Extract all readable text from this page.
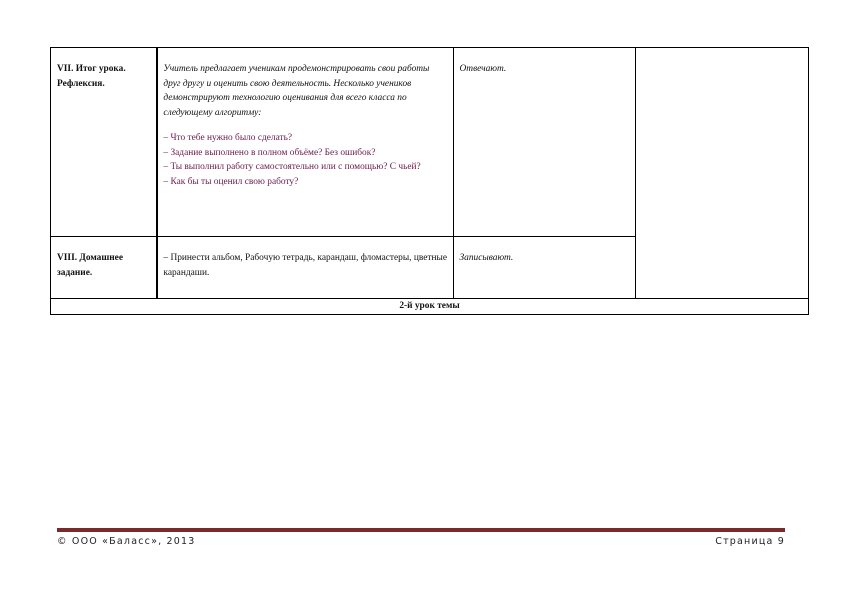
VII. Итог урока. Рефлексия.	Учитель предлагает ученикам продемонстрировать свои работы друг другу и оценить свою деятельность. Несколько учеников демонстрируют технологию оценивания для всего класса по следующему алгоритму:
– Что тебе нужно было сделать?
– Задание выполнено в полном объёме? Без ошибок?
– Ты выполнил работу самостоятельно или с помощью? С чьей?
– Как бы ты оценил свою работу?	Отвечают.	
VIII. Домашнее задание.	– Принести альбом, Рабочую тетрадь, карандаш, фломастеры, цветные карандаши.	Записывают.	
2-й урок темы			
© ООО «Баласс», 2013	Страница 9
